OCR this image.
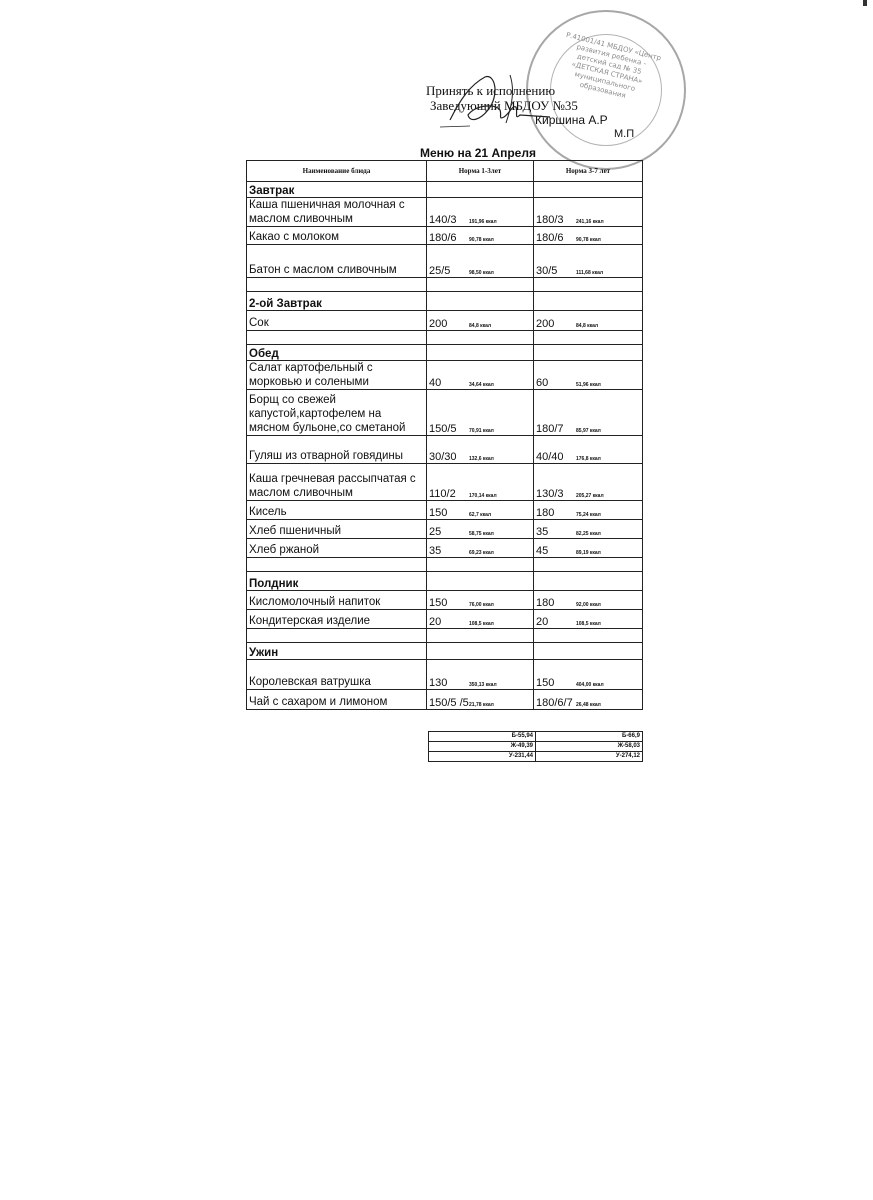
Р.41001/41 МБДОУ «Центр развития ребенка - детский сад № 35 «ДЕТСКАЯ СТРАНА» муниципального образования
Принять к исполнению
Заведующий МБДОУ №35
Киршина А.Р
М.П
Меню на 21 Апреля
Наименование блюда	Норма 1-3лет	Норма 3-7 лет
Завтрак		
Каша пшеничная молочная с маслом сливочным	140/3 191,96 ккал	180/3 241,16 ккал
Какао с молоком	180/6 90,78 ккал	180/6 90,78 ккал
Батон с маслом сливочным	25/5 98,50 ккал	30/5 111,68 ккал

2-ой Завтрак		
Сок	200 84,8 ккал	200 84,8 ккал

Обед		
Салат картофельный с морковью и солеными	40 34,64 ккал	60 51,96 ккал
Борщ со свежей капустой,картофелем на мясном бульоне,со сметаной	150/5 70,91 ккал	180/7 85,97 ккал
Гуляш из отварной говядины	30/30 132,6 ккал	40/40 176,8 ккал
Каша гречневая рассыпчатая с маслом сливочным	110/2 170,14 ккал	130/3 205,27 ккал
Кисель	150 62,7 ккал	180 75,24 ккал
Хлеб пшеничный	25 58,75 ккал	35 82,25 ккал
Хлеб ржаной	35 69,23 ккал	45 89,19 ккал

Полдник		
Кисломолочный напиток	150 76,00 ккал	180 92,00 ккал
Кондитерская изделие	20 108,5 ккал	20 108,5 ккал

Ужин		
Королевская ватрушка	130 350,13 ккал	150 404,00 ккал
Чай с сахаром и лимоном	150/5 /521,78 ккал	180/6/7 26,48 ккал
Б-55,94	Б-66,9
Ж-49,39	Ж-58,03
У-231,44	У-274,12
